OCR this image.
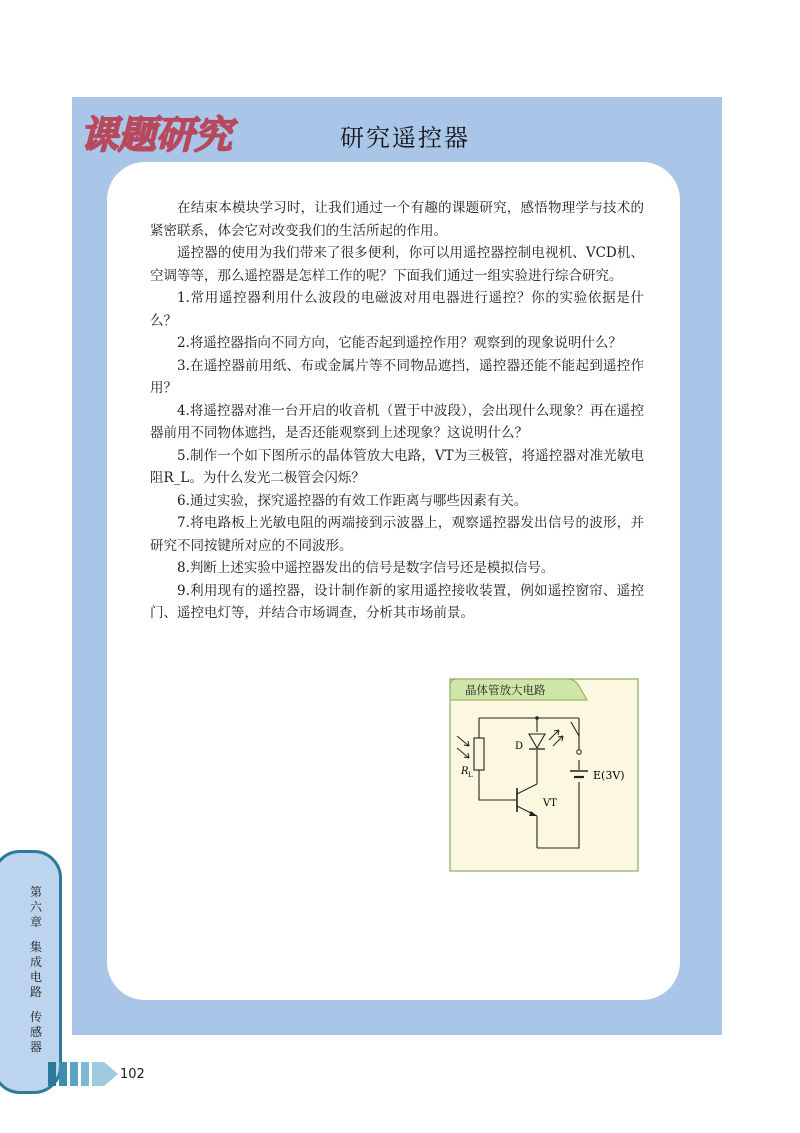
课题研究	研究遥控器

在结束本模块学习时，让我们通过一个有趣的课题研究，感悟物理学与技术的紧密联系，体会它对改变我们的生活所起的作用。

遥控器的使用为我们带来了很多便利，你可以用遥控器控制电视机、VCD机、空调等等，那么遥控器是怎样工作的呢？下面我们通过一组实验进行综合研究。

1.常用遥控器利用什么波段的电磁波对用电器进行遥控？你的实验依据是什么？

2.将遥控器指向不同方向，它能否起到遥控作用？观察到的现象说明什么？

3.在遥控器前用纸、布或金属片等不同物品遮挡，遥控器还能不能起到遥控作用？

4.将遥控器对准一台开启的收音机（置于中波段），会出现什么现象？再在遥控器前用不同物体遮挡，是否还能观察到上述现象？这说明什么？

5.制作一个如下图所示的晶体管放大电路，VT为三极管，将遥控器对准光敏电阻R_L。为什么发光二极管会闪烁？

6.通过实验，探究遥控器的有效工作距离与哪些因素有关。

7.将电路板上光敏电阻的两端接到示波器上，观察遥控器发出信号的波形，并研究不同按键所对应的不同波形。

8.判断上述实验中遥控器发出的信号是数字信号还是模拟信号。

9.利用现有的遥控器，设计制作新的家用遥控接收装置，例如遥控窗帘、遥控门、遥控电灯等，并结合市场调查，分析其市场前景。

晶体管放大电路
R L
D
VT
E(3V)
第六章
集成电路
传感器
102
